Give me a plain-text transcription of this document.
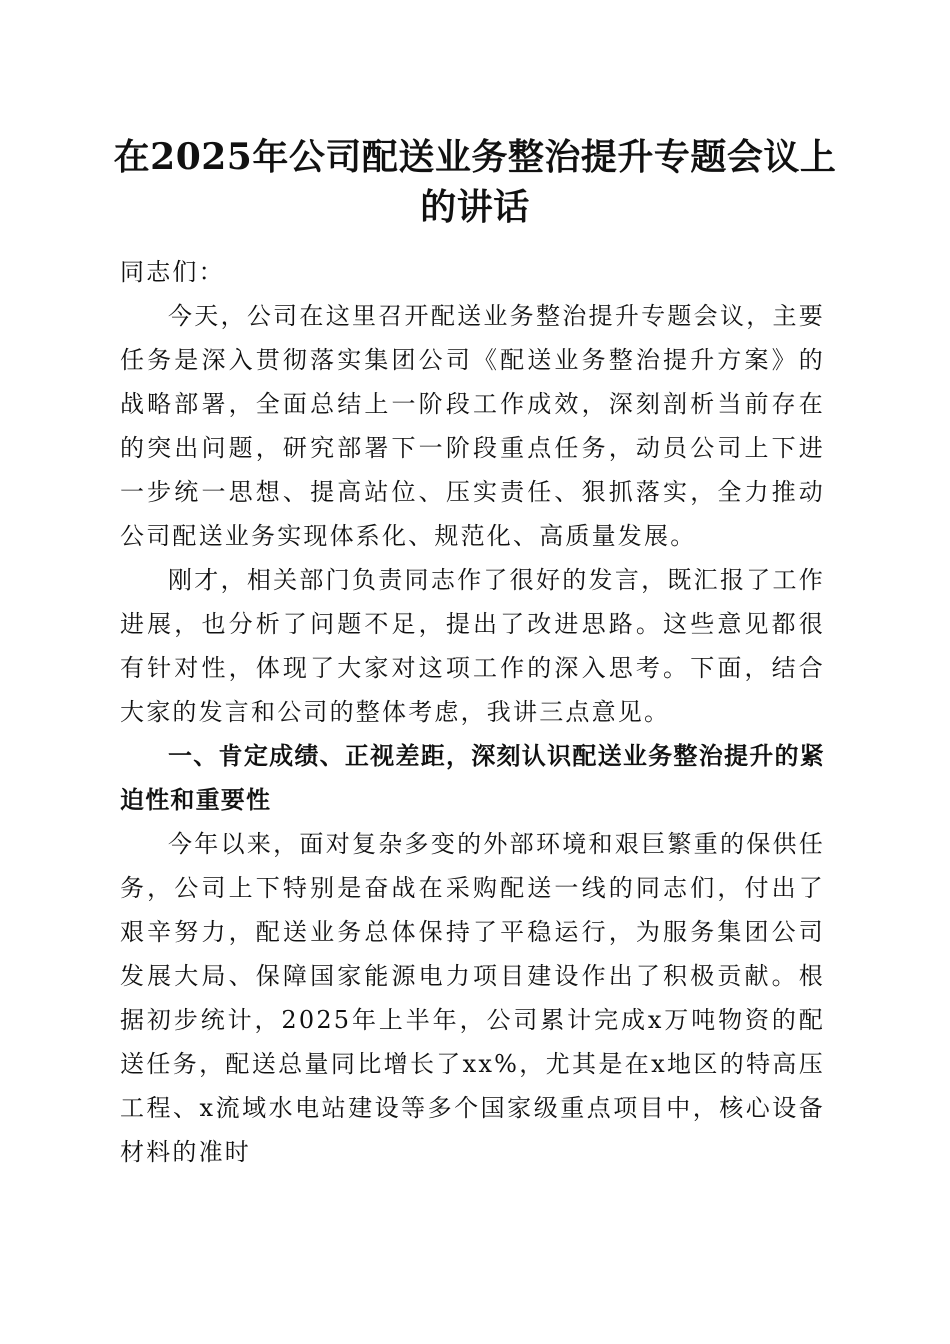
在2025年公司配送业务整治提升专题会议上的讲话

同志们：

今天，公司在这里召开配送业务整治提升专题会议，主要任务是深入贯彻落实集团公司《配送业务整治提升方案》的战略部署，全面总结上一阶段工作成效，深刻剖析当前存在的突出问题，研究部署下一阶段重点任务，动员公司上下进一步统一思想、提高站位、压实责任、狠抓落实，全力推动公司配送业务实现体系化、规范化、高质量发展。

刚才，相关部门负责同志作了很好的发言，既汇报了工作进展，也分析了问题不足，提出了改进思路。这些意见都很有针对性，体现了大家对这项工作的深入思考。下面，结合大家的发言和公司的整体考虑，我讲三点意见。

一、肯定成绩、正视差距，深刻认识配送业务整治提升的紧迫性和重要性

今年以来，面对复杂多变的外部环境和艰巨繁重的保供任务，公司上下特别是奋战在采购配送一线的同志们，付出了艰辛努力，配送业务总体保持了平稳运行，为服务集团公司发展大局、保障国家能源电力项目建设作出了积极贡献。根据初步统计，2025年上半年，公司累计完成x万吨物资的配送任务，配送总量同比增长了xx%，尤其是在x地区的特高压工程、x流域水电站建设等多个国家级重点项目中，核心设备材料的准时
